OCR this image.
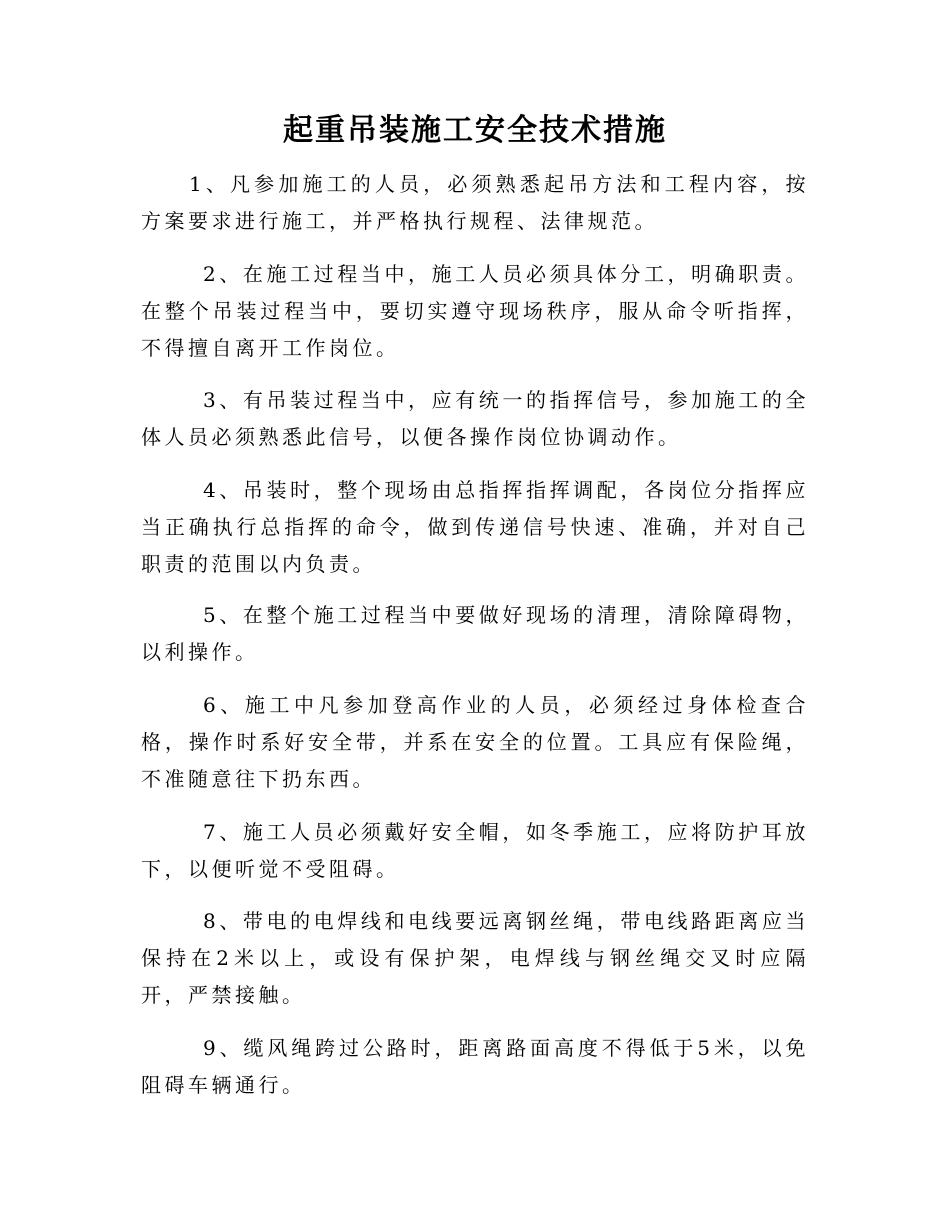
起重吊装施工安全技术措施

1、凡参加施工的人员，必须熟悉起吊方法和工程内容，按方案要求进行施工，并严格执行规程、法律规范。

2、在施工过程当中，施工人员必须具体分工，明确职责。在整个吊装过程当中，要切实遵守现场秩序，服从命令听指挥，不得擅自离开工作岗位。

3、有吊装过程当中，应有统一的指挥信号，参加施工的全体人员必须熟悉此信号，以便各操作岗位协调动作。

4、吊装时，整个现场由总指挥指挥调配，各岗位分指挥应当正确执行总指挥的命令，做到传递信号快速、准确，并对自己职责的范围以内负责。

5、在整个施工过程当中要做好现场的清理，清除障碍物，以利操作。

6、施工中凡参加登高作业的人员，必须经过身体检查合格，操作时系好安全带，并系在安全的位置。工具应有保险绳，不准随意往下扔东西。

7、施工人员必须戴好安全帽，如冬季施工，应将防护耳放下，以便听觉不受阻碍。

8、带电的电焊线和电线要远离钢丝绳，带电线路距离应当保持在2米以上，或设有保护架，电焊线与钢丝绳交叉时应隔开，严禁接触。

9、缆风绳跨过公路时，距离路面高度不得低于5米，以免阻碍车辆通行。
